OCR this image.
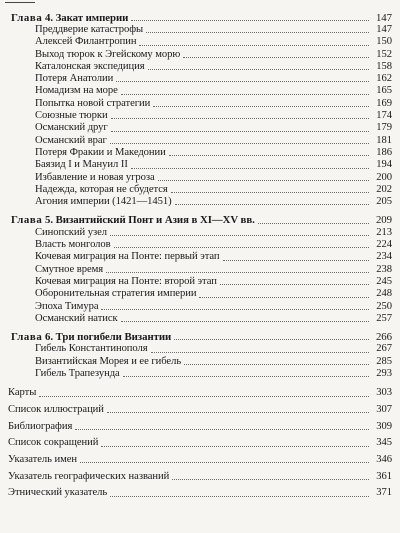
Глава 4. Закат империи	147
Преддверие катастрофы	147
Алексей Филантропин	150
Выход тюрок к Эгейскому морю	152
Каталонская экспедиция	158
Потеря Анатолии	162
Номадизм на море	165
Попытка новой стратегии	169
Союзные тюрки	174
Османский друг	179
Османский враг	181
Потеря Фракии и Македонии	186
Баязид I и Мануил II	194
Избавление и новая угроза	200
Надежда, которая не сбудется	202
Агония империи (1421—1451)	205
Глава 5. Византийский Понт и Азия в XI—XV вв.	209
Синопский узел	213
Власть монголов	224
Кочевая миграция на Понте: первый этап	234
Смутное время	238
Кочевая миграция на Понте: второй этап	245
Оборонительная стратегия империи	248
Эпоха Тимура	250
Османский натиск	257
Глава 6. Три погибели Византии	266
Гибель Константинополя	267
Византийская Морея и ее гибель	285
Гибель Трапезунда	293
Карты	303
Список иллюстраций	307
Библиография	309
Список сокращений	345
Указатель имен	346
Указатель географических названий	361
Этнический указатель	371
